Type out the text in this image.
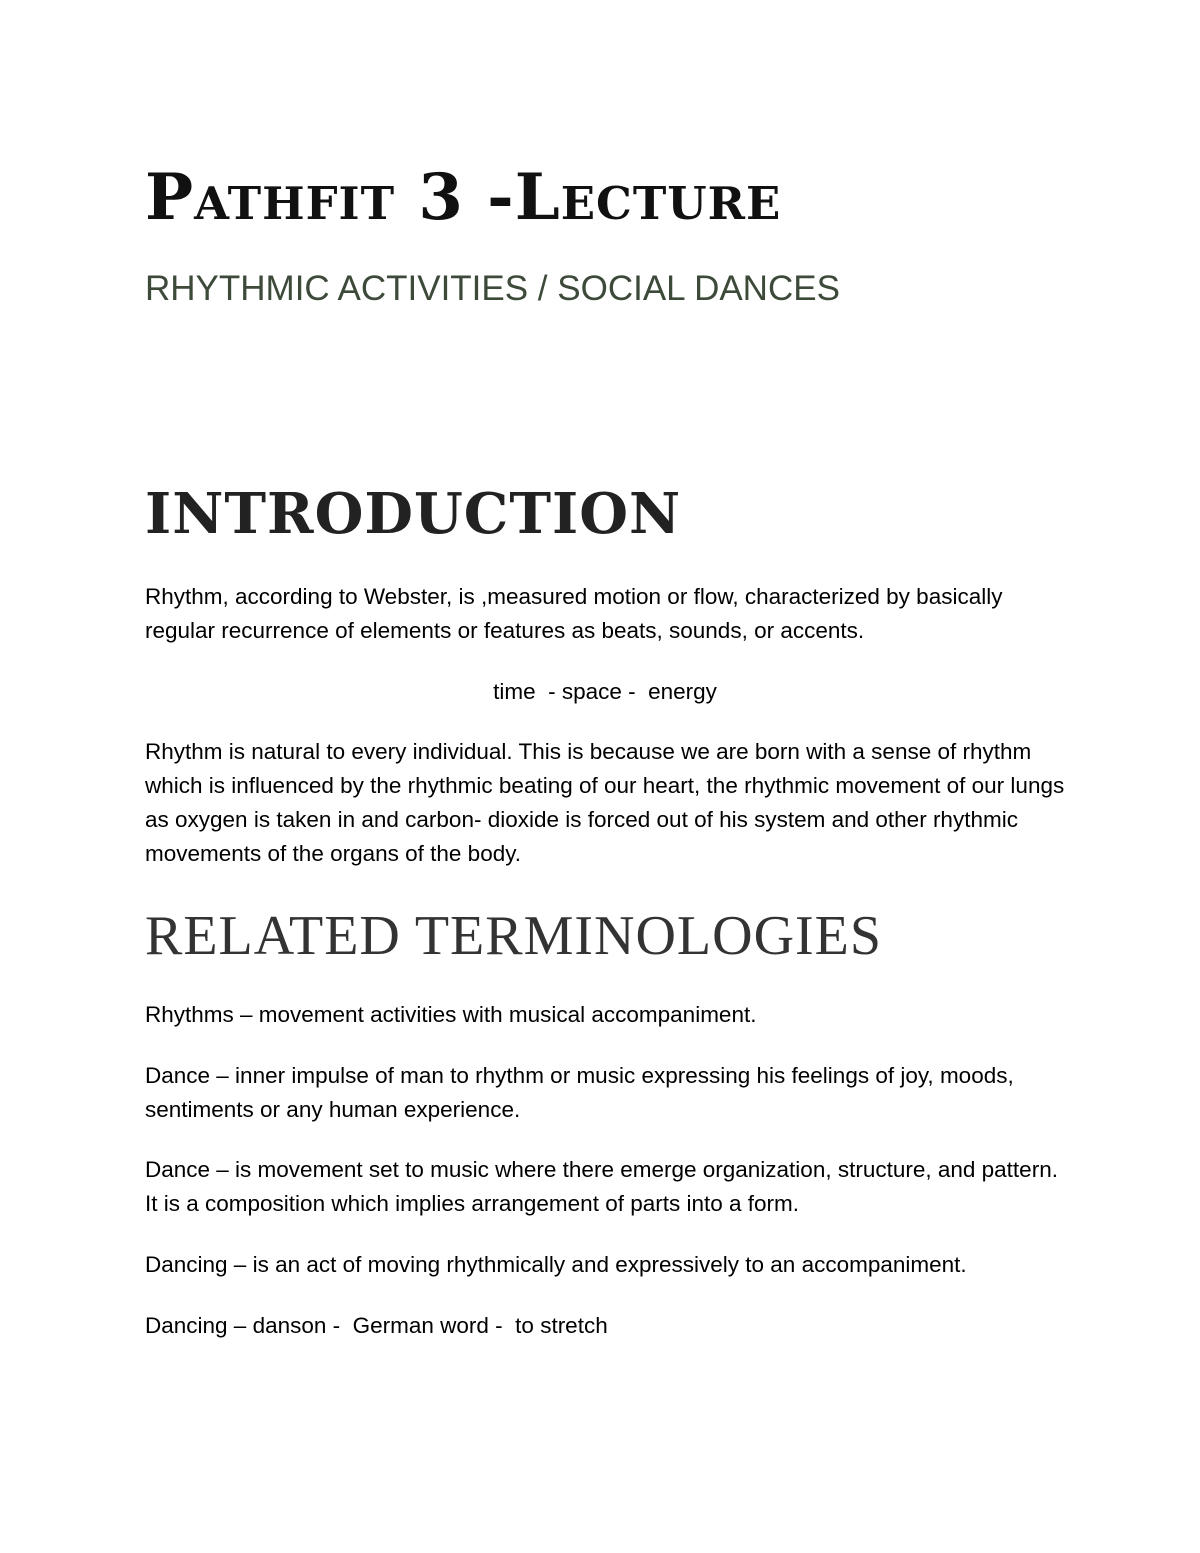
Pathfit 3 -Lecture
RHYTHMIC ACTIVITIES / SOCIAL DANCES
INTRODUCTION

Rhythm, according to Webster, is ,measured motion or flow, characterized by basically regular recurrence of elements or features as beats, sounds, or accents.

time  - space -  energy

Rhythm is natural to every individual. This is because we are born with a sense of rhythm which is influenced by the rhythmic beating of our heart, the rhythmic movement of our lungs as oxygen is taken in and carbon- dioxide is forced out of his system and other rhythmic movements of the organs of the body.

RELATED TERMINOLOGIES

Rhythms – movement activities with musical accompaniment.

Dance – inner impulse of man to rhythm or music expressing his feelings of joy, moods, sentiments or any human experience.

Dance – is movement set to music where there emerge organization, structure, and pattern. It is a composition which implies arrangement of parts into a form.

Dancing – is an act of moving rhythmically and expressively to an accompaniment.

Dancing – danson -  German word -  to stretch
